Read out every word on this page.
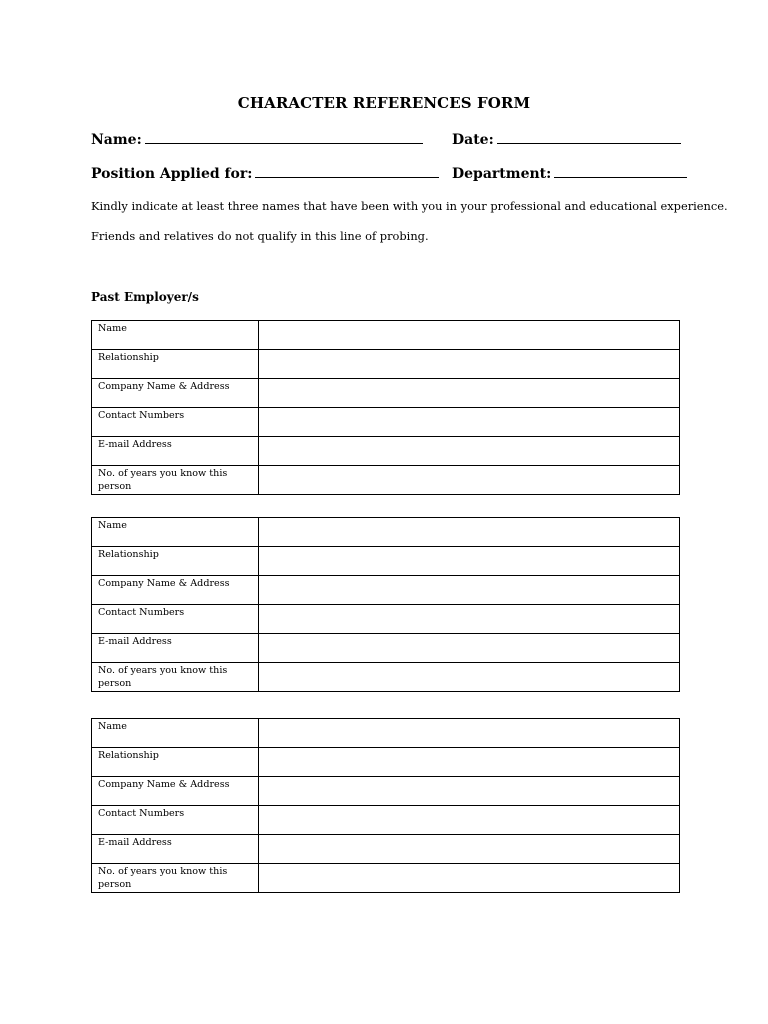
CHARACTER REFERENCES FORM
Name:	Date:
Position Applied for:	Department:
Kindly indicate at least three names that have been with you in your professional and educational experience.
Friends and relatives do not qualify in this line of probing.
Past Employer/s
Name	
Relationship	
Company Name & Address	
Contact Numbers	
E-mail Address	
No. of years you know this person	
Name	
Relationship	
Company Name & Address	
Contact Numbers	
E-mail Address	
No. of years you know this person	
Name	
Relationship	
Company Name & Address	
Contact Numbers	
E-mail Address	
No. of years you know this person	
